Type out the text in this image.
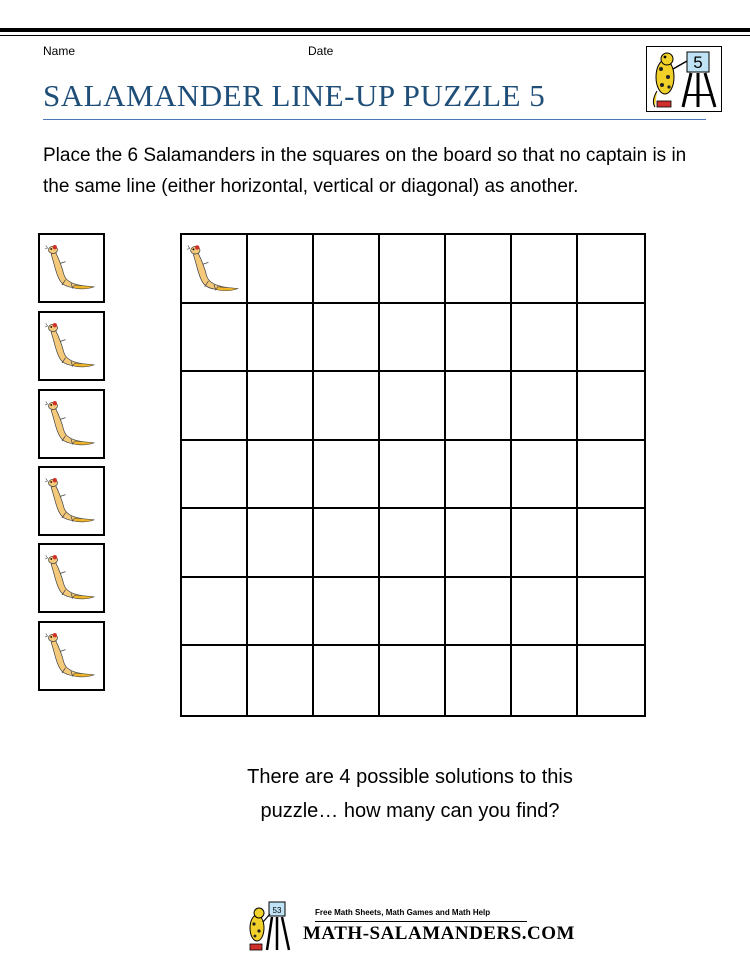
Name	Date
SALAMANDER LINE-UP PUZZLE 5
5
Place the 6 Salamanders in the squares on the board so that no captain is in the same line (either horizontal, vertical or diagonal) as another.
There are 4 possible solutions to this
puzzle… how many can you find?
53	Free Math Sheets, Math Games and Math Help
MATH-SALAMANDERS.COM
